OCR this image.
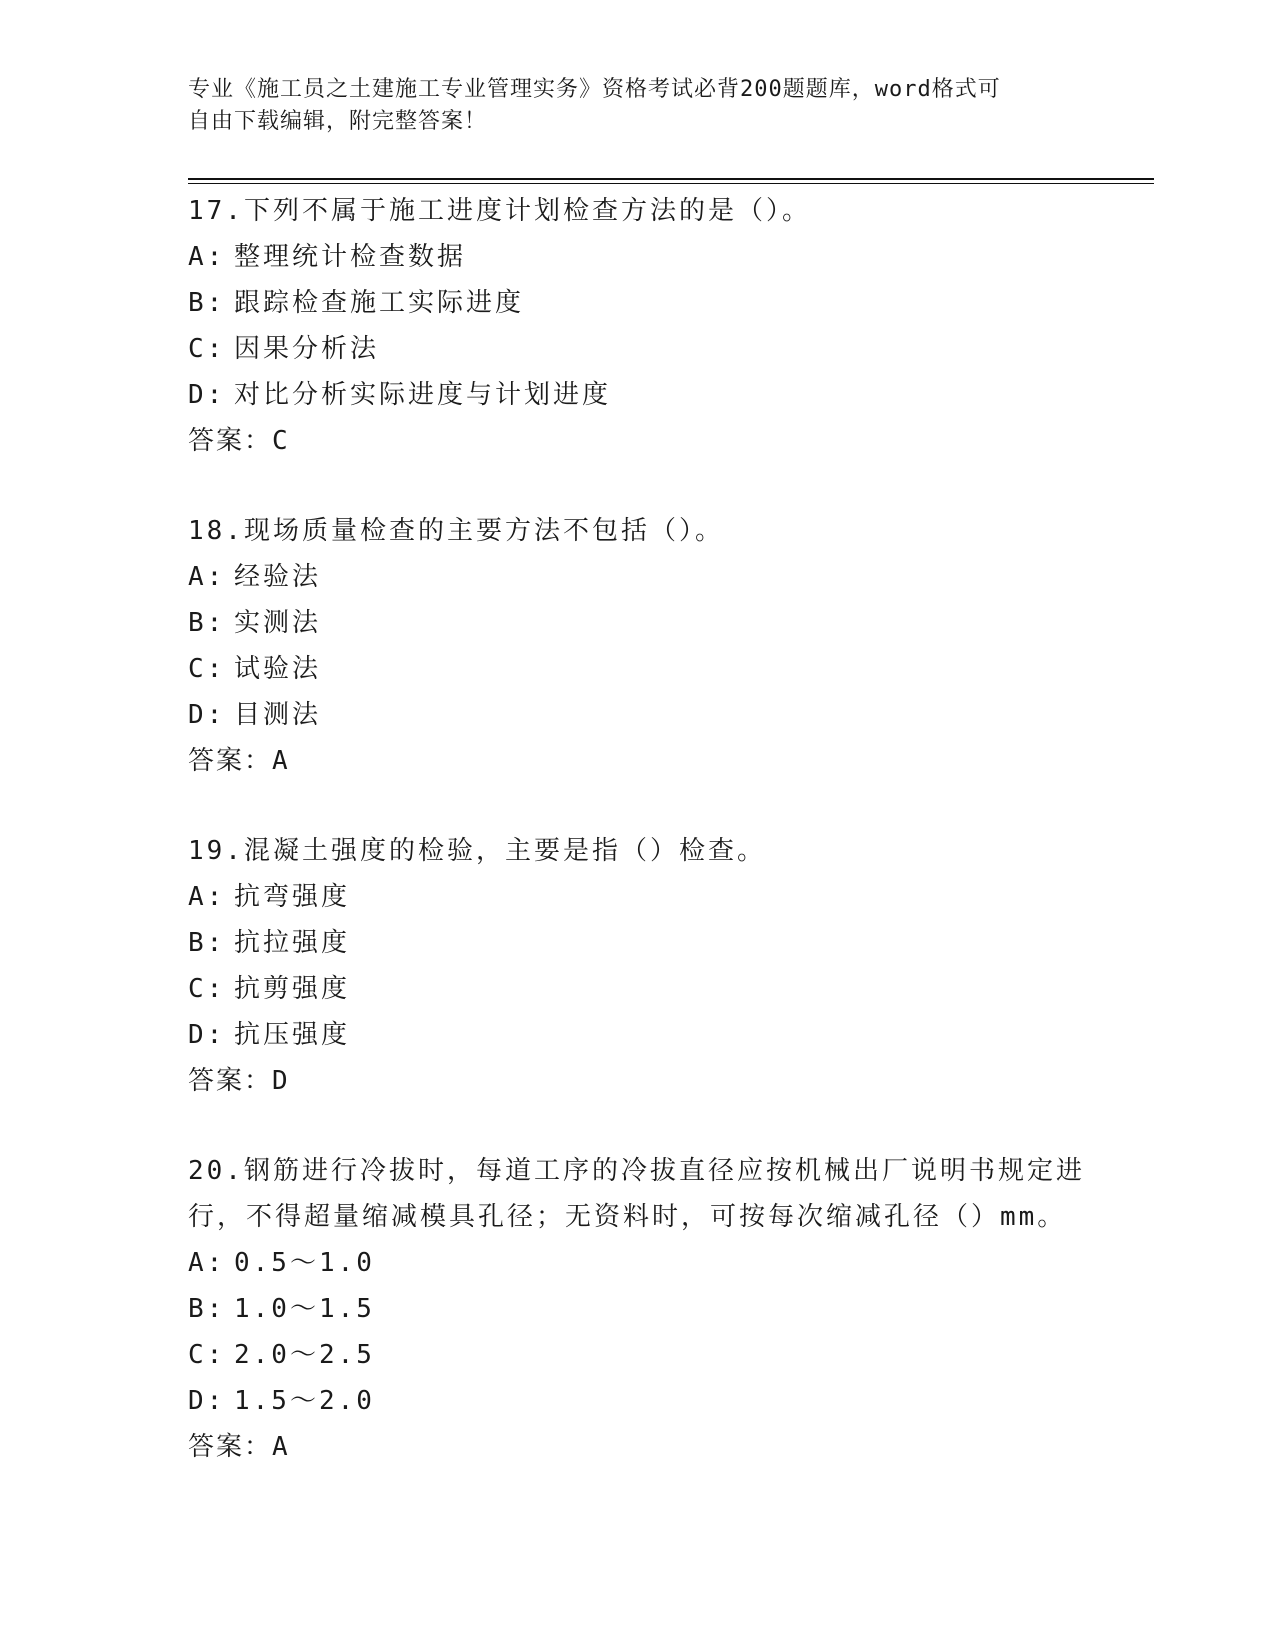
专业《施工员之土建施工专业管理实务》资格考试必背200题题库，word格式可
自由下载编辑，附完整答案！
17.下列不属于施工进度计划检查方法的是（）。
A: 整理统计检查数据
B: 跟踪检查施工实际进度
C: 因果分析法
D: 对比分析实际进度与计划进度
答案：C
18.现场质量检查的主要方法不包括（）。
A: 经验法
B: 实测法
C: 试验法
D: 目测法
答案：A
19.混凝土强度的检验，主要是指（）检查。
A: 抗弯强度
B: 抗拉强度
C: 抗剪强度
D: 抗压强度
答案：D
20.钢筋进行冷拔时，每道工序的冷拔直径应按机械出厂说明书规定进
行，不得超量缩减模具孔径；无资料时，可按每次缩减孔径（）mm。
A: 0.5～1.0
B: 1.0～1.5
C: 2.0～2.5
D: 1.5～2.0
答案：A
